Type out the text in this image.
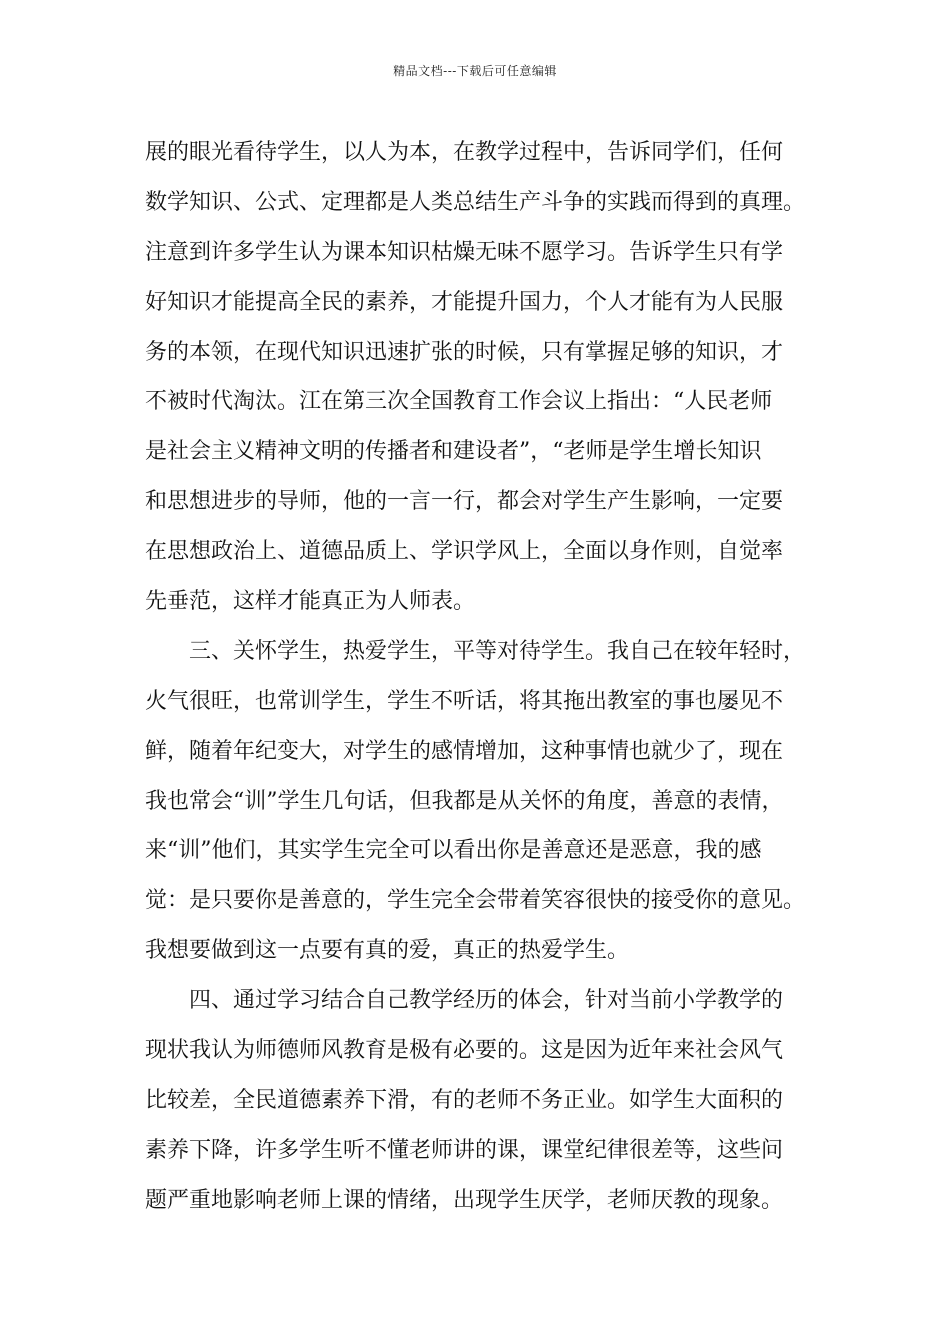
精品文档---下载后可任意编辑
展的眼光看待学生，以人为本，在教学过程中，告诉同学们，任何
数学知识、公式、定理都是人类总结生产斗争的实践而得到的真理。
注意到许多学生认为课本知识枯燥无味不愿学习。告诉学生只有学
好知识才能提高全民的素养，才能提升国力，个人才能有为人民服
务的本领，在现代知识迅速扩张的时候，只有掌握足够的知识，才
不被时代淘汰。江在第三次全国教育工作会议上指出：“人民老师
是社会主义精神文明的传播者和建设者”，“老师是学生增长知识
和思想进步的导师，他的一言一行，都会对学生产生影响，一定要
在思想政治上、道德品质上、学识学风上，全面以身作则，自觉率
先垂范，这样才能真正为人师表。
三、关怀学生，热爱学生，平等对待学生。我自己在较年轻时，
火气很旺，也常训学生，学生不听话，将其拖出教室的事也屡见不
鲜，随着年纪变大，对学生的感情增加，这种事情也就少了，现在
我也常会“训”学生几句话，但我都是从关怀的角度，善意的表情，
来“训”他们，其实学生完全可以看出你是善意还是恶意，我的感
觉：是只要你是善意的，学生完全会带着笑容很快的接受你的意见。
我想要做到这一点要有真的爱，真正的热爱学生。
四、通过学习结合自己教学经历的体会，针对当前小学教学的
现状我认为师德师风教育是极有必要的。这是因为近年来社会风气
比较差，全民道德素养下滑，有的老师不务正业。如学生大面积的
素养下降，许多学生听不懂老师讲的课，课堂纪律很差等，这些问
题严重地影响老师上课的情绪，出现学生厌学，老师厌教的现象。
